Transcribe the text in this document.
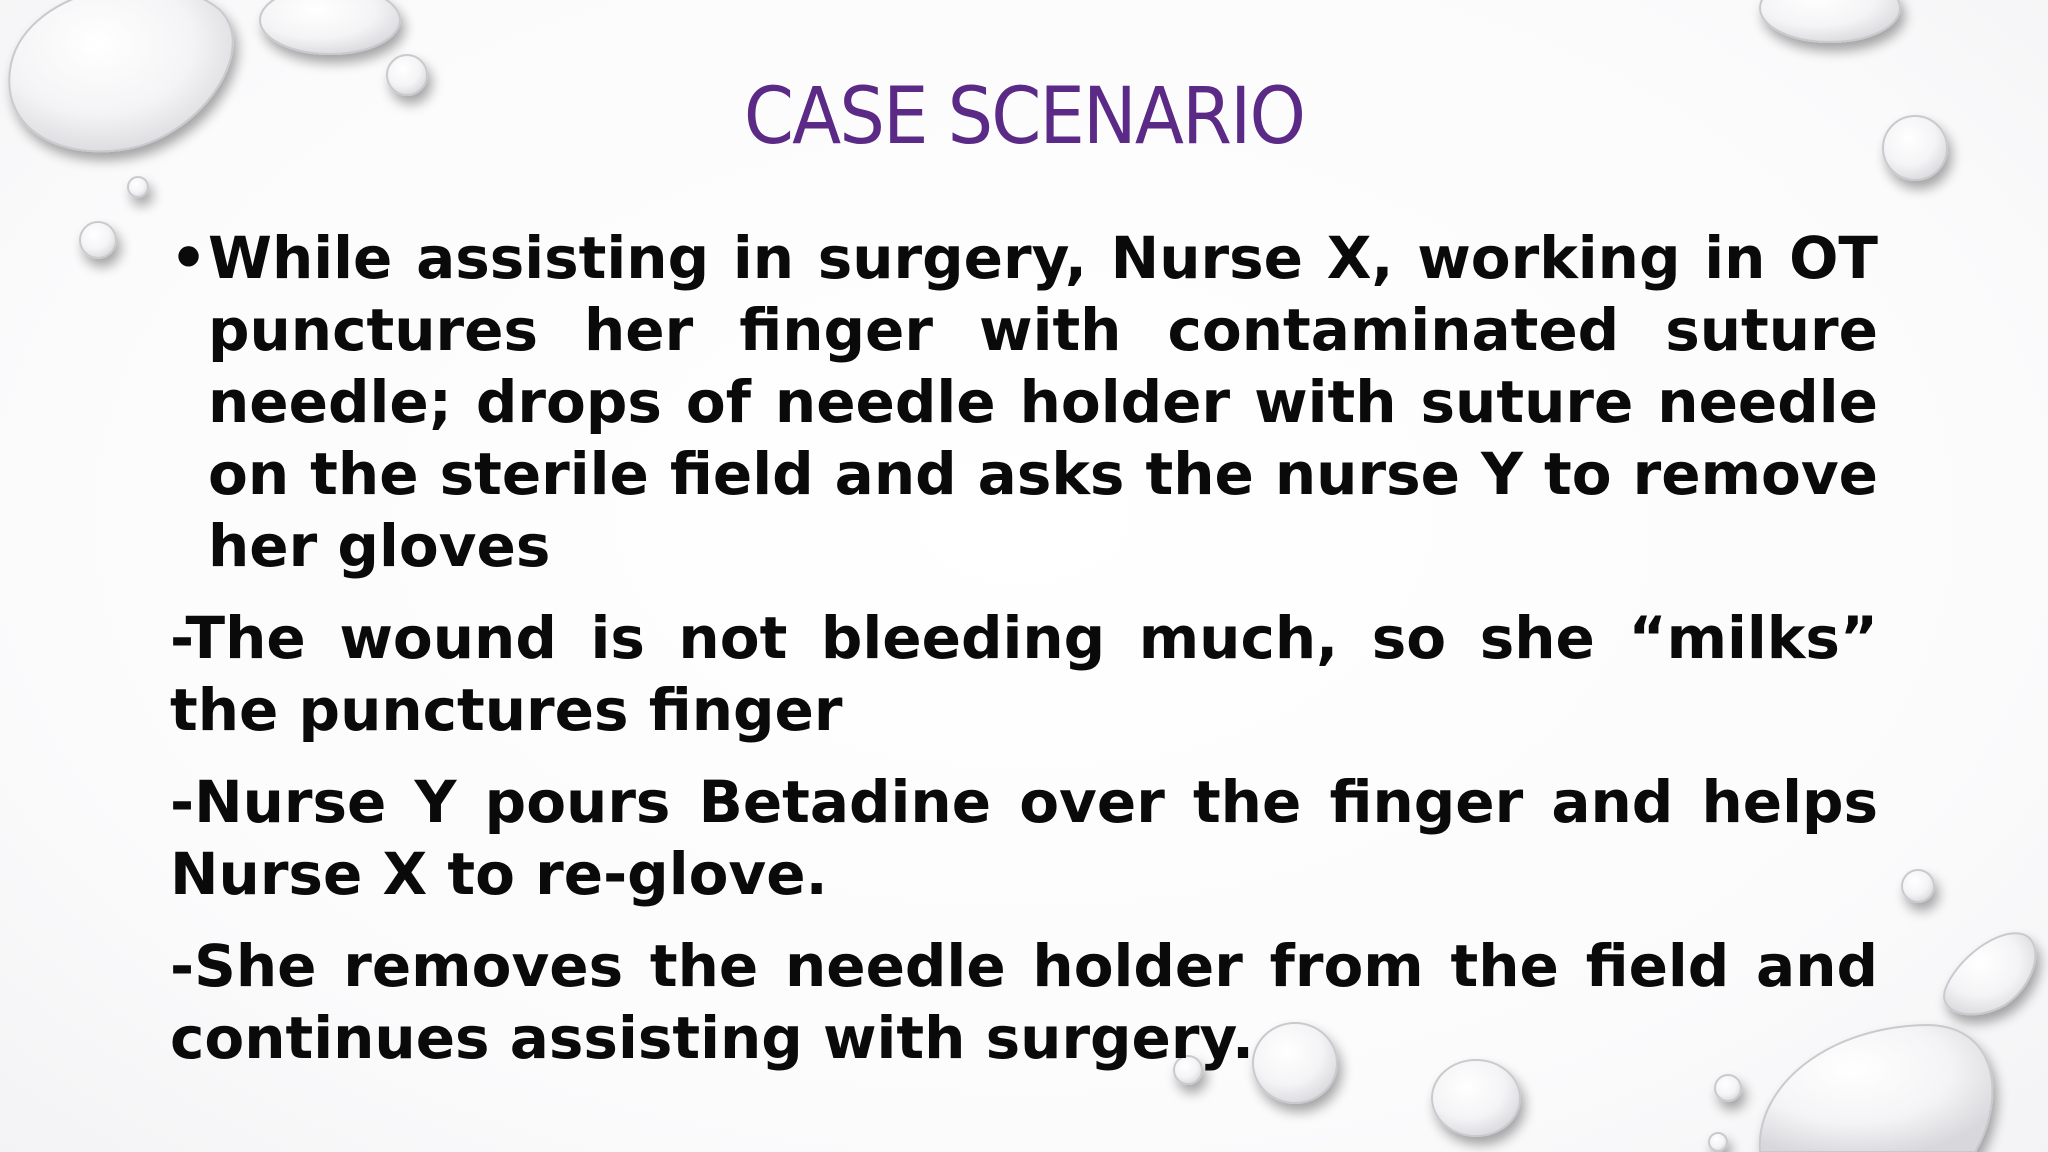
CASE SCENARIO

• While assisting in surgery, Nurse X, working in OT punctures her finger with contaminated suture needle; drops of needle holder with suture needle on the sterile field and asks the nurse Y to remove her gloves

-The wound is not bleeding much, so she “milks” the punctures finger

-Nurse Y pours Betadine over the finger and helps Nurse X to re-glove.

-She removes the needle holder from the field and continues assisting with surgery.
